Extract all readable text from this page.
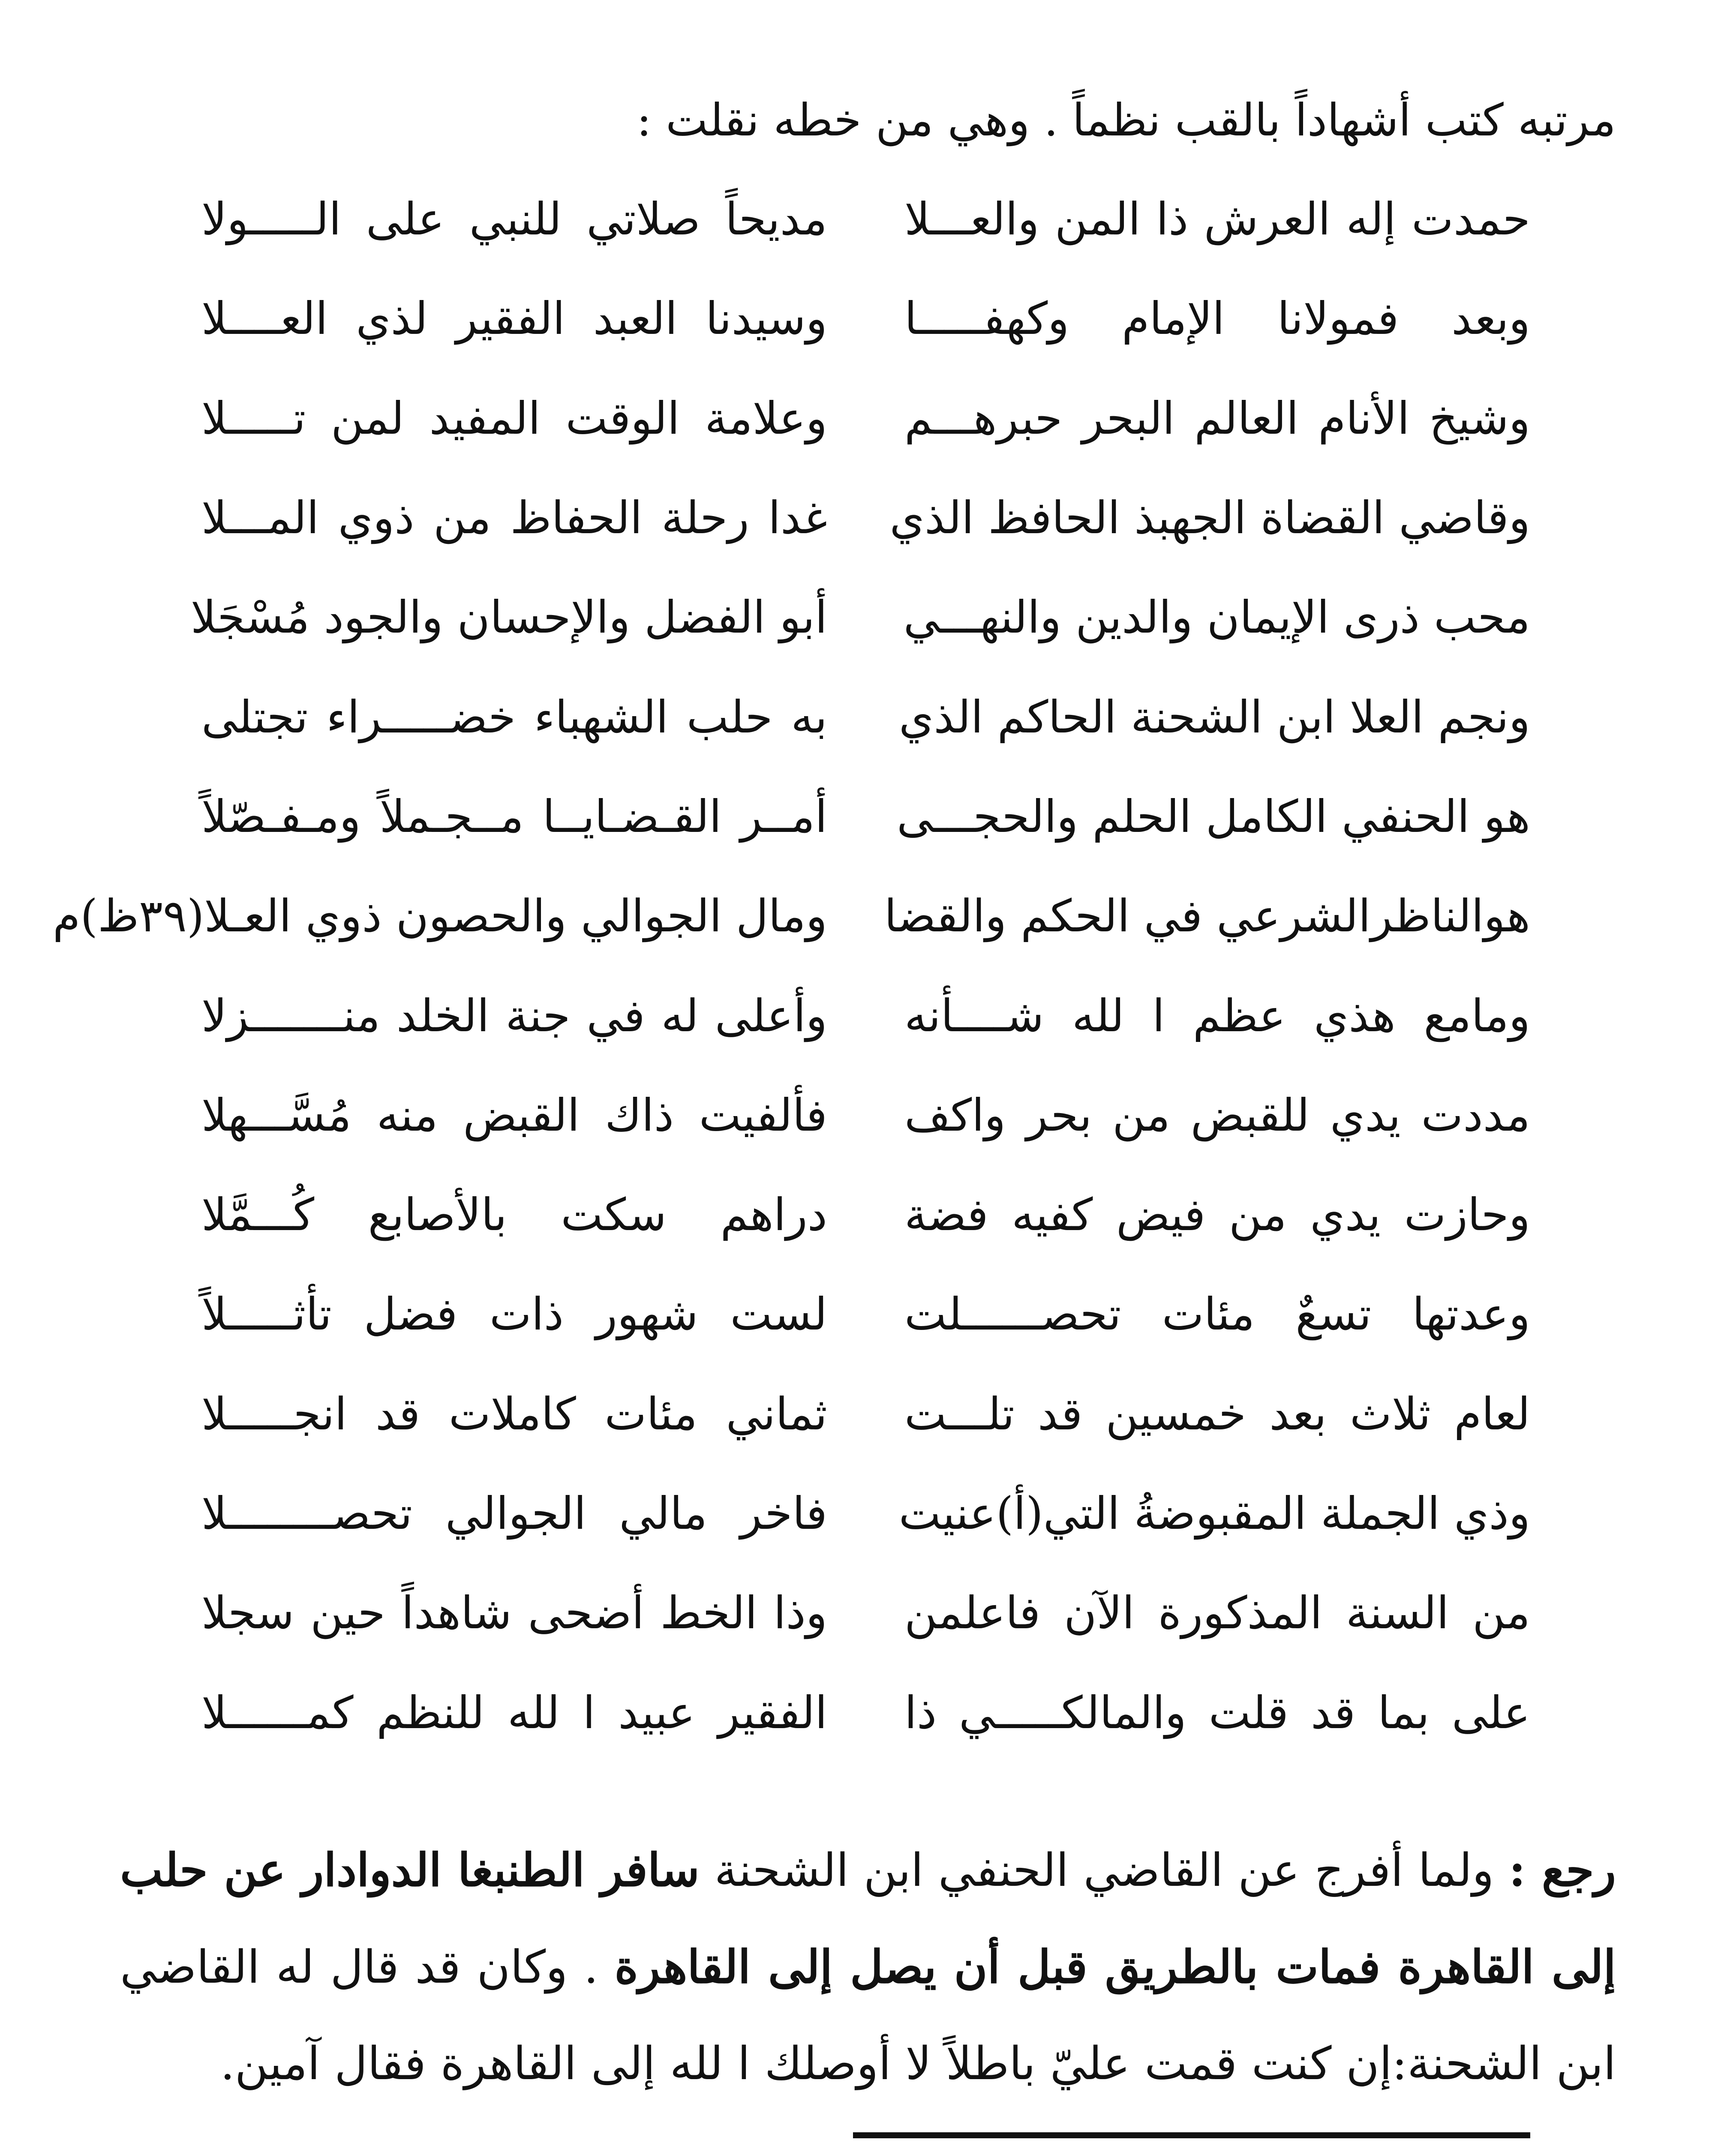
مرتبه كتب أشهاداً بالقب نظماً . وهي من خطه نقلت :
حمدت إله العرش ذا المن والعـــلا
مديحاً صلاتي للنبي على الـــــولا
وبعد فمولانا الإمام وكهفـــــا
وسيدنا العبد الفقير لذي العــــلا
وشيخ الأنام العالم البحر حبرهـــم
وعلامة الوقت المفيد لمن تـــــلا
وقاضي القضاة الجهبذ الحافظ الذي
غدا رحلة الحفاظ من ذوي المـــلا
محب ذرى الإيمان والدين والنهـــي
أبو الفضل والإحسان والجود مُسْجَلا
ونجم العلا ابن الشحنة الحاكم الذي
به حلب الشهباء خضـــــراء تجتلى
هو الحنفي الكامل الحلم والحجـــى
أمــر القـضـايــا مــجـملاً ومـفـصّلاً
هوالناظرالشرعي في الحكم والقضا
ومال الجوالي والحصون ذوي العـلا(٣٩ظ)م
ومامع هذي عظم ا لله شــــأنه
وأعلى له في جنة الخلد منـــــــزلا
مددت يدي للقبض من بحر واكف
فألفيت ذاك القبض منه مُسَّـــهلا
وحازت يدي من فيض كفيه فضة
دراهم سكت بالأصابع كُـــمَّلا
وعدتها تسعٌ مئات تحصــــــلت
لست شهور ذات فضل تأثـــــلاً
لعام ثلاث بعد خمسين قد تلـــت
ثماني مئات كاملات قد انجـــــلا
وذي الجملة المقبوضةُ التي(أ)عنيت
فاخر مالي الجوالي تحصــــــــلا
من السنة المذكورة الآن فاعلمن
وذا الخط أضحى شاهداً حين سجلا
على بما قد قلت والمالكـــــي ذا
الفقير عبيد ا لله للنظم كمــــــلا
رجع : ولما أفرج عن القاضي الحنفي ابن الشحنة سافر الطنبغا الدوادار عن حلب إلى القاهرة فمات بالطريق قبل أن يصل إلى القاهرة . وكان قد قال له القاضي ابن الشحنة:إن كنت قمت عليّ باطلاً لا أوصلك ا لله إلى القاهرة فقال آمين.
